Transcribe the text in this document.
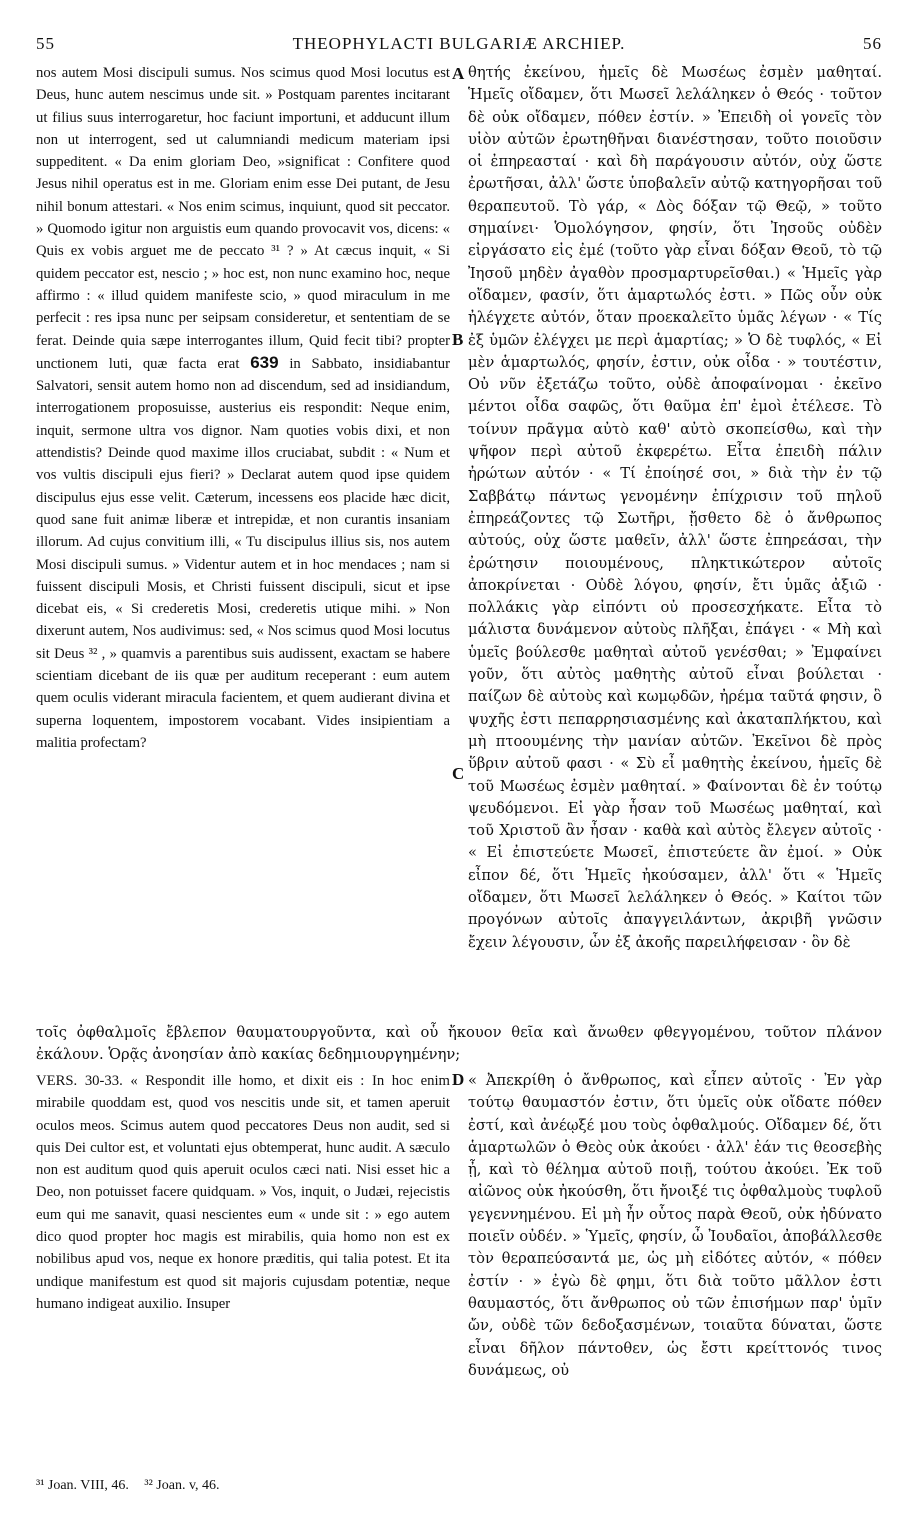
55	THEOPHYLACTI BULGARIÆ ARCHIEP.	56
A
B
C
D

nos autem Mosi discipuli sumus. Nos scimus quod Mosi locutus est Deus, hunc autem nescimus unde sit. » Postquam parentes incitarant ut filius suus interrogaretur, hoc faciunt importuni, et adducunt illum non ut interrogent, sed ut calumniandi medicum materiam ipsi suppeditent. « Da enim gloriam Deo, »significat : Confitere quod Jesus nihil operatus est in me. Gloriam enim esse Dei putant, de Jesu nihil bonum attestari. « Nos enim scimus, inquiunt, quod sit peccator. » Quomodo igitur non arguistis eum quando provocavit vos, dicens: « Quis ex vobis arguet me de peccato ³¹ ? » At cæcus inquit, « Si quidem peccator est, nescio ; » hoc est, non nunc examino hoc, neque affirmo : « illud quidem manifeste scio, » quod miraculum in me perfecit : res ipsa nunc per seipsam consideretur, et sententiam de se ferat. Deinde quia sæpe interrogantes illum, Quid fecit tibi? propter unctionem luti, quæ facta erat 639 in Sabbato, insidiabantur Salvatori, sensit autem homo non ad discendum, sed ad insidiandum, interrogationem proposuisse, austerius eis respondit: Neque enim, inquit, sermone ultra vos dignor. Nam quoties vobis dixi, et non attendistis? Deinde quod maxime illos cruciabat, subdit : « Num et vos vultis discipuli ejus fieri? » Declarat autem quod ipse quidem discipulus ejus esse velit. Cæterum, incessens eos placide hæc dicit, quod sane fuit animæ liberæ et intrepidæ, et non curantis insaniam illorum. Ad cujus convitium illi, « Tu discipulus illius sis, nos autem Mosi discipuli sumus. » Videntur autem et in hoc mendaces ; nam si fuissent discipuli Mosis, et Christi fuissent discipuli, sicut et ipse dicebat eis, « Si crederetis Mosi, crederetis utique mihi. » Non dixerunt autem, Nos audivimus: sed, « Nos scimus quod Mosi locutus sit Deus ³² , » quamvis a parentibus suis audissent, exactam se habere scientiam dicebant de iis quæ per auditum receperant : eum autem quem oculis viderant miracula facientem, et quem audierant divina et superna loquentem, impostorem vocabant. Vides insipientiam a malitia profectam?

θητής ἐκείνου, ἡμεῖς δὲ Μωσέως ἐσμὲν μαθηταί. Ἡμεῖς οἴδαμεν, ὅτι Μωσεῖ λελάληκεν ὁ Θεός · τοῦτον δὲ οὐκ οἴδαμεν, πόθεν ἐστίν. » Ἐπειδὴ οἱ γονεῖς τὸν υἱὸν αὐτῶν ἐρωτηθῆναι διανέστησαν, τοῦτο ποιοῦσιν οἱ ἐπηρεασταί · καὶ δὴ παράγουσιν αὐτόν, οὐχ ὥστε ἐρωτῆσαι, ἀλλ' ὥστε ὑποβαλεῖν αὐτῷ κατηγορῆσαι τοῦ θεραπευτοῦ. Τὸ γάρ, « Δὸς δόξαν τῷ Θεῷ, » τοῦτο σημαίνει· Ὁμολόγησον, φησίν, ὅτι Ἰησοῦς οὐδὲν εἰργάσατο εἰς ἐμέ (τοῦτο γὰρ εἶναι δόξαν Θεοῦ, τὸ τῷ Ἰησοῦ μηδὲν ἀγαθὸν προσμαρτυρεῖσθαι.) « Ἡμεῖς γὰρ οἴδαμεν, φασίν, ὅτι ἁμαρτωλός ἐστι. » Πῶς οὖν οὐκ ἠλέγχετε αὐτόν, ὅταν προεκαλεῖτο ὑμᾶς λέγων · « Τίς ἐξ ὑμῶν ἐλέγχει με περὶ ἁμαρτίας; » Ὁ δὲ τυφλός, « Εἰ μὲν ἁμαρτωλός, φησίν, ἐστιν, οὐκ οἶδα · » τουτέστιν, Οὐ νῦν ἐξετάζω τοῦτο, οὐδὲ ἀποφαίνομαι · ἐκεῖνο μέντοι οἶδα σαφῶς, ὅτι θαῦμα ἐπ' ἐμοὶ ἐτέλεσε. Τὸ τοίνυν πρᾶγμα αὐτὸ καθ' αὐτὸ σκοπείσθω, καὶ τὴν ψῆφον περὶ αὐτοῦ ἐκφερέτω. Εἶτα ἐπειδὴ πάλιν ἠρώτων αὐτόν · « Τί ἐποίησέ σοι, » διὰ τὴν ἐν τῷ Σαββάτῳ πάντως γενομένην ἐπίχρισιν τοῦ πηλοῦ ἐπηρεάζοντες τῷ Σωτῆρι, ᾔσθετο δὲ ὁ ἄνθρωπος αὐτούς, οὐχ ὥστε μαθεῖν, ἀλλ' ὥστε ἐπηρεάσαι, τὴν ἐρώτησιν ποιουμένους, πληκτικώτερον αὐτοῖς ἀποκρίνεται · Οὐδὲ λόγου, φησίν, ἔτι ὑμᾶς ἀξιῶ · πολλάκις γὰρ εἰπόντι οὐ προσεσχήκατε. Εἶτα τὸ μάλιστα δυνάμενον αὐτοὺς πλῆξαι, ἐπάγει · « Μὴ καὶ ὑμεῖς βούλεσθε μαθηταὶ αὐτοῦ γενέσθαι; » Ἐμφαίνει γοῦν, ὅτι αὐτὸς μαθητὴς αὐτοῦ εἶναι βούλεται · παίζων δὲ αὐτοὺς καὶ κωμῳδῶν, ἠρέμα ταῦτά φησιν, ὃ ψυχῆς ἐστι πεπαρρησιασμένης καὶ ἀκαταπλήκτου, καὶ μὴ πτοουμένης τὴν μανίαν αὐτῶν. Ἐκεῖνοι δὲ πρὸς ὕβριν αὐτοῦ φασι · « Σὺ εἶ μαθητὴς ἐκείνου, ἡμεῖς δὲ τοῦ Μωσέως ἐσμὲν μαθηταί. » Φαίνονται δὲ ἐν τούτῳ ψευδόμενοι. Εἰ γὰρ ἦσαν τοῦ Μωσέως μαθηταί, καὶ τοῦ Χριστοῦ ἂν ἦσαν · καθὰ καὶ αὐτὸς ἔλεγεν αὐτοῖς · « Εἰ ἐπιστεύετε Μωσεῖ, ἐπιστεύετε ἂν ἐμοί. » Οὐκ εἶπον δέ, ὅτι Ἡμεῖς ἠκούσαμεν, ἀλλ' ὅτι « Ἡμεῖς οἴδαμεν, ὅτι Μωσεῖ λελάληκεν ὁ Θεός. » Καίτοι τῶν προγόνων αὐτοῖς ἀπαγγειλάντων, ἀκριβῆ γνῶσιν ἔχειν λέγουσιν, ὧν ἐξ ἀκοῆς παρειλήφεισαν · ὃν δὲ

τοῖς ὀφθαλμοῖς ἔβλεπον θαυματουργοῦντα, καὶ οὗ ἤκουον θεῖα καὶ ἄνωθεν φθεγγομένου, τοῦτον πλάνον ἐκάλουν. Ὁρᾷς ἀνοησίαν ἀπὸ κακίας δεδημιουργημένην;

VERS. 30-33. « Respondit ille homo, et dixit eis : In hoc enim mirabile quoddam est, quod vos nescitis unde sit, et tamen aperuit oculos meos. Scimus autem quod peccatores Deus non audit, sed si quis Dei cultor est, et voluntati ejus obtemperat, hunc audit. A sæculo non est auditum quod quis aperuit oculos cæci nati. Nisi esset hic a Deo, non potuisset facere quidquam. » Vos, inquit, o Judæi, rejecistis eum qui me sanavit, quasi nescientes eum « unde sit : » ego autem dico quod propter hoc magis est mirabilis, quia homo non est ex nobilibus apud vos, neque ex honore præditis, qui talia potest. Et ita undique manifestum est quod sit majoris cujusdam potentiæ, neque humano indigeat auxilio. Insuper

« Ἀπεκρίθη ὁ ἄνθρωπος, καὶ εἶπεν αὐτοῖς · Ἐν γὰρ τούτῳ θαυμαστόν ἐστιν, ὅτι ὑμεῖς οὐκ οἴδατε πόθεν ἐστί, καὶ ἀνέῳξέ μου τοὺς ὀφθαλμούς. Οἴδαμεν δέ, ὅτι ἁμαρτωλῶν ὁ Θεὸς οὐκ ἀκούει · ἀλλ' ἐάν τις θεοσεβὴς ᾖ, καὶ τὸ θέλημα αὐτοῦ ποιῇ, τούτου ἀκούει. Ἐκ τοῦ αἰῶνος οὐκ ἠκούσθη, ὅτι ἤνοιξέ τις ὀφθαλμοὺς τυφλοῦ γεγεννημένου. Εἰ μὴ ἦν οὗτος παρὰ Θεοῦ, οὐκ ἠδύνατο ποιεῖν οὐδέν. » Ὑμεῖς, φησίν, ὦ Ἰουδαῖοι, ἀποβάλλεσθε τὸν θεραπεύσαντά με, ὡς μὴ εἰδότες αὐτόν, « πόθεν ἐστίν · » ἐγὼ δὲ φημι, ὅτι διὰ τοῦτο μᾶλλον ἐστι θαυμαστός, ὅτι ἄνθρωπος οὐ τῶν ἐπισήμων παρ' ὑμῖν ὤν, οὐδὲ τῶν δεδοξασμένων, τοιαῦτα δύναται, ὥστε εἶναι δῆλον πάντοθεν, ὡς ἔστι κρείττονός τινος δυνάμεως, οὐ

³¹ Joan. VIII, 46. ³² Joan. v, 46.
